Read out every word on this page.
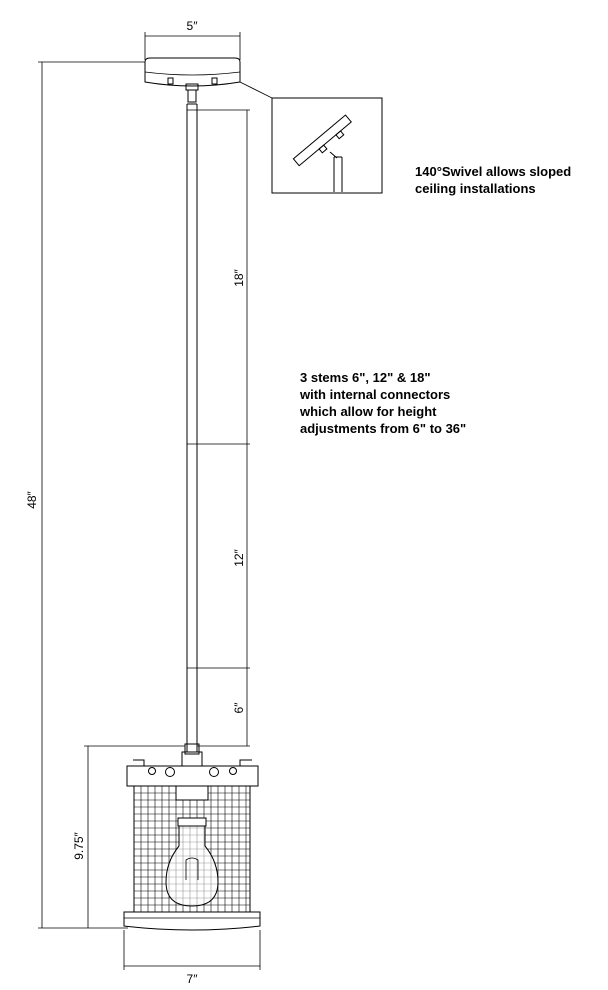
5″
48″
18″
12″
6″
9.75″
7″
140°Swivel allows sloped
ceiling installations
3 stems 6", 12" & 18"
with internal connectors
which allow for height
adjustments from 6" to 36"
